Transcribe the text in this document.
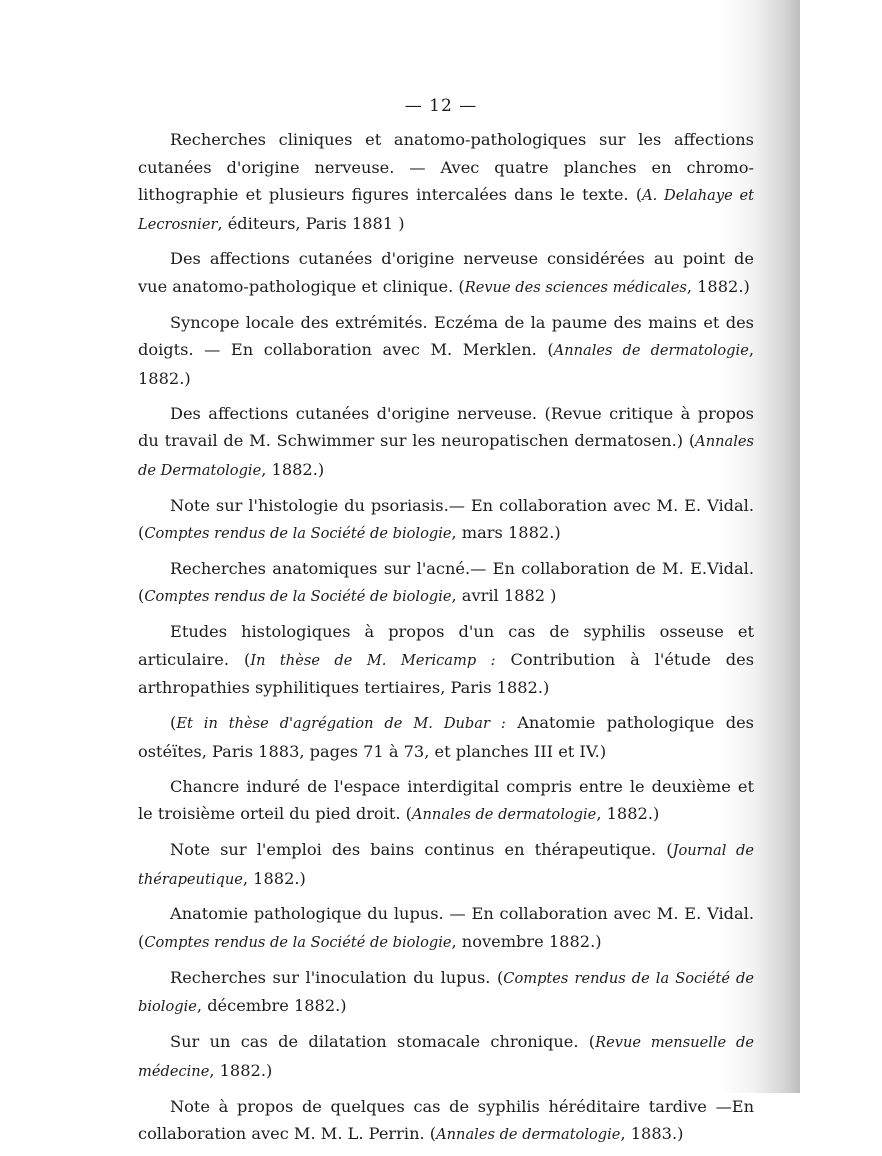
— 12 —

Recherches cliniques et anatomo-pathologiques sur les affections cutanées d'origine nerveuse. — Avec quatre planches en chromo-lithographie et plusieurs figures intercalées dans le texte. (A. Delahaye et Lecrosnier, éditeurs, Paris 1881 )

Des affections cutanées d'origine nerveuse considérées au point de vue anatomo-pathologique et clinique. (Revue des sciences médicales, 1882.)

Syncope locale des extrémités. Eczéma de la paume des mains et des doigts. — En collaboration avec M. Merklen. (Annales de dermatologie, 1882.)

Des affections cutanées d'origine nerveuse. (Revue critique à propos du travail de M. Schwimmer sur les neuropatischen dermatosen.) (Annales de Dermatologie, 1882.)

Note sur l'histologie du psoriasis.— En collaboration avec M. E. Vidal. (Comptes rendus de la Société de biologie, mars 1882.)

Recherches anatomiques sur l'acné.— En collaboration de M. E.Vidal. (Comptes rendus de la Société de biologie, avril 1882 )

Etudes histologiques à propos d'un cas de syphilis osseuse et articulaire. (In thèse de M. Mericamp : Contribution à l'étude des arthropathies syphilitiques tertiaires, Paris 1882.)

(Et in thèse d'agrégation de M. Dubar : Anatomie pathologique des ostéïtes, Paris 1883, pages 71 à 73, et planches III et IV.)

Chancre induré de l'espace interdigital compris entre le deuxième et le troisième orteil du pied droit. (Annales de dermatologie, 1882.)

Note sur l'emploi des bains continus en thérapeutique. (Journal de thérapeutique, 1882.)

Anatomie pathologique du lupus. — En collaboration avec M. E. Vidal. (Comptes rendus de la Société de biologie, novembre 1882.)

Recherches sur l'inoculation du lupus. (Comptes rendus de la Société de biologie, décembre 1882.)

Sur un cas de dilatation stomacale chronique. (Revue mensuelle de médecine, 1882.)

Note à propos de quelques cas de syphilis héréditaire tardive —En collaboration avec M. M. L. Perrin. (Annales de dermatologie, 1883.)
